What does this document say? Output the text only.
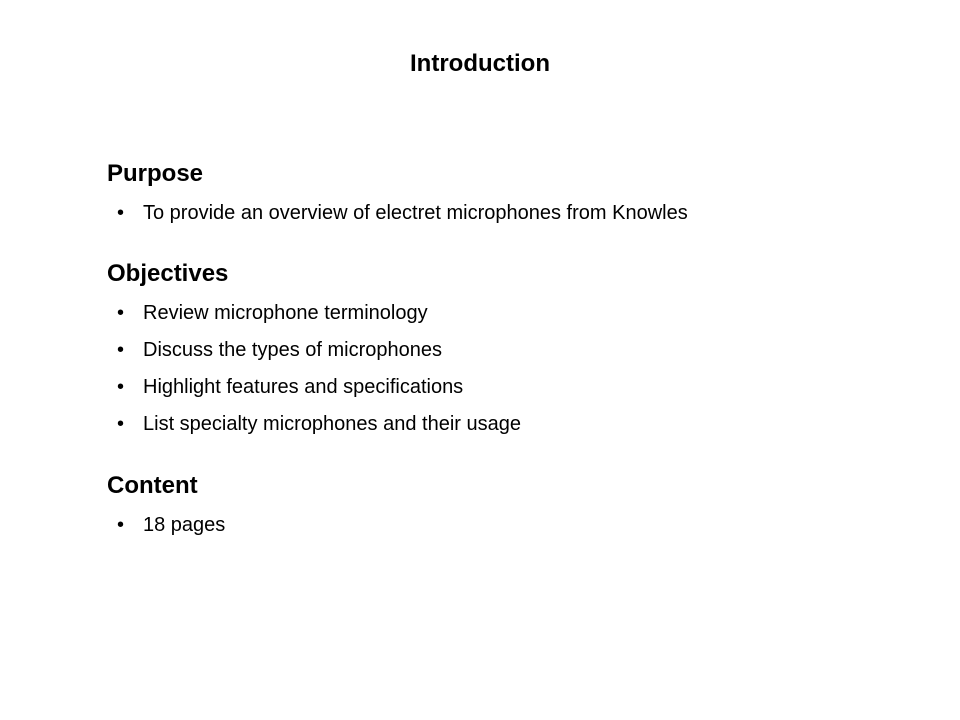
Introduction
Purpose
• To provide an overview of electret microphones from Knowles
Objectives
• Review microphone terminology
• Discuss the types of microphones
• Highlight features and specifications
• List specialty microphones and their usage
Content
• 18 pages
